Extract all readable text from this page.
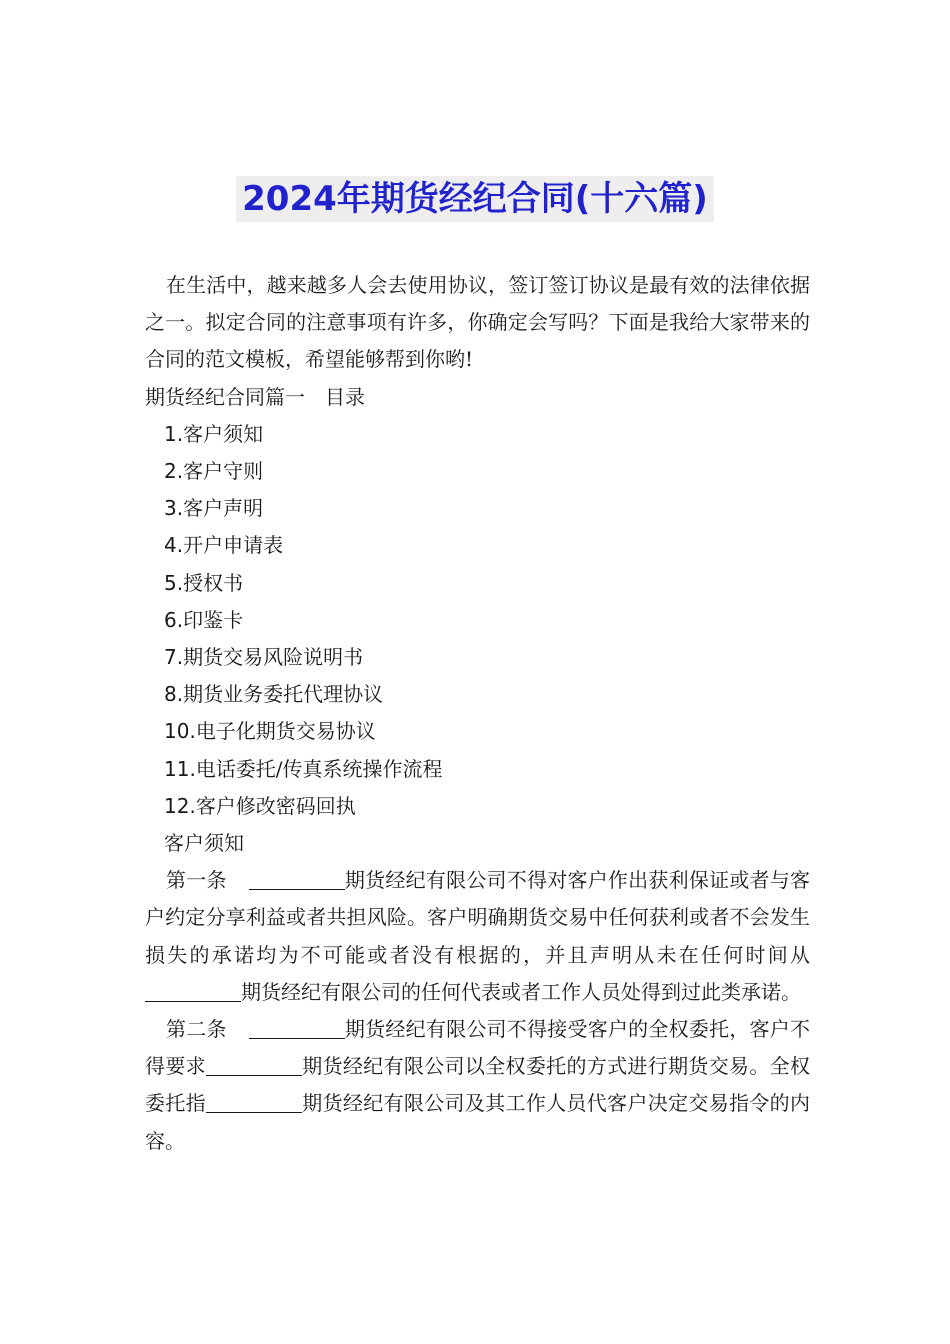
2024年期货经纪合同(十六篇)

在生活中，越来越多人会去使用协议，签订签订协议是最有效的法律依据之一。拟定合同的注意事项有许多，你确定会写吗？下面是我给大家带来的合同的范文模板，希望能够帮到你哟!

期货经纪合同篇一　目录

1.客户须知

2.客户守则

3.客户声明

4.开户申请表

5.授权书

6.印鉴卡

7.期货交易风险说明书

8.期货业务委托代理协议

10.电子化期货交易协议

11.电话委托/传真系统操作流程

12.客户修改密码回执

客户须知

第一条	期货经纪有限公司不得对客户作出获利保证或者与客户约定分享利益或者共担风险。客户明确期货交易中任何获利或者不会发生损失的承诺均为不可能或者没有根据的，并且声明从未在任何时间从期货经纪有限公司的任何代表或者工作人员处得到过此类承诺。

第二条	期货经纪有限公司不得接受客户的全权委托，客户不得要求	期货经纪有限公司以全权委托的方式进行期货交易。全权委托指	期货经纪有限公司及其工作人员代客户决定交易指令的内容。
